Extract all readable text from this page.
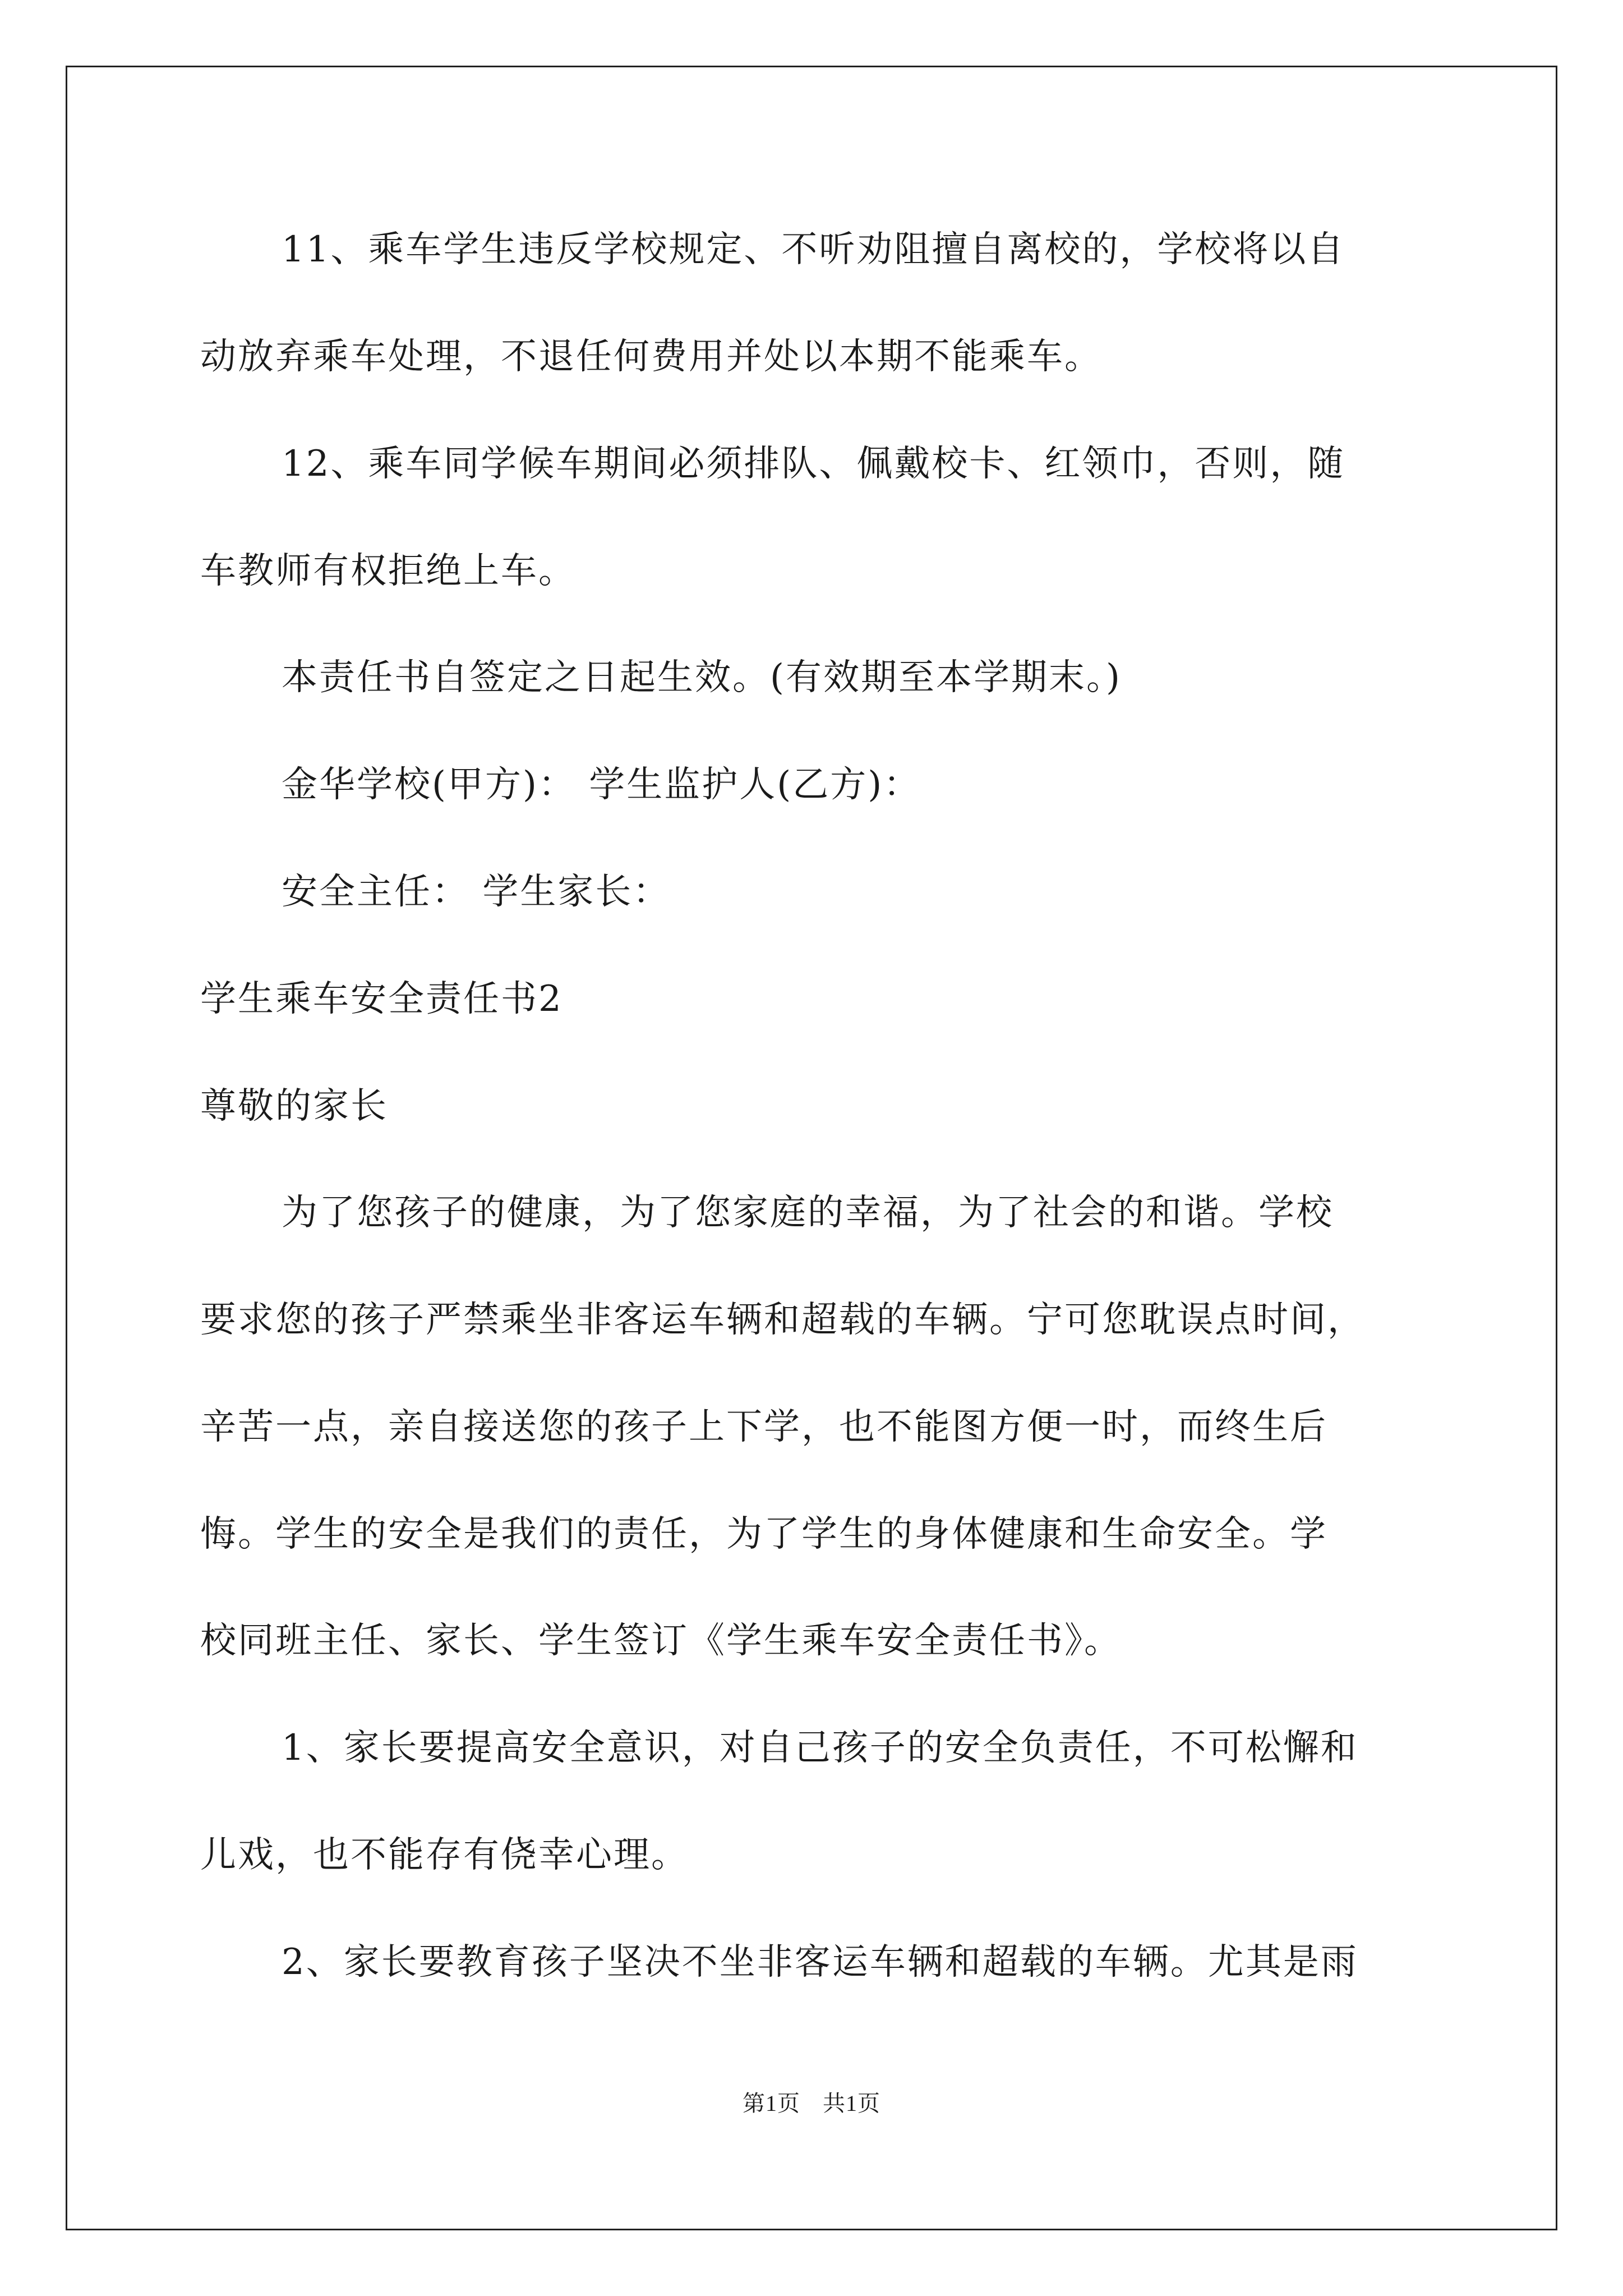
11、乘车学生违反学校规定、不听劝阻擅自离校的，学校将以自
动放弃乘车处理，不退任何费用并处以本期不能乘车。
12、乘车同学候车期间必须排队、佩戴校卡、红领巾，否则，随
车教师有权拒绝上车。
本责任书自签定之日起生效。(有效期至本学期末。)
金华学校(甲方)： 学生监护人(乙方)：
安全主任： 学生家长：
学生乘车安全责任书2
尊敬的家长
为了您孩子的健康，为了您家庭的幸福，为了社会的和谐。学校
要求您的孩子严禁乘坐非客运车辆和超载的车辆。宁可您耽误点时间，
辛苦一点，亲自接送您的孩子上下学，也不能图方便一时，而终生后
悔。学生的安全是我们的责任，为了学生的身体健康和生命安全。学
校同班主任、家长、学生签订《学生乘车安全责任书》。
1、家长要提高安全意识，对自己孩子的安全负责任，不可松懈和
儿戏，也不能存有侥幸心理。
2、家长要教育孩子坚决不坐非客运车辆和超载的车辆。尤其是雨
第1页 共1页
